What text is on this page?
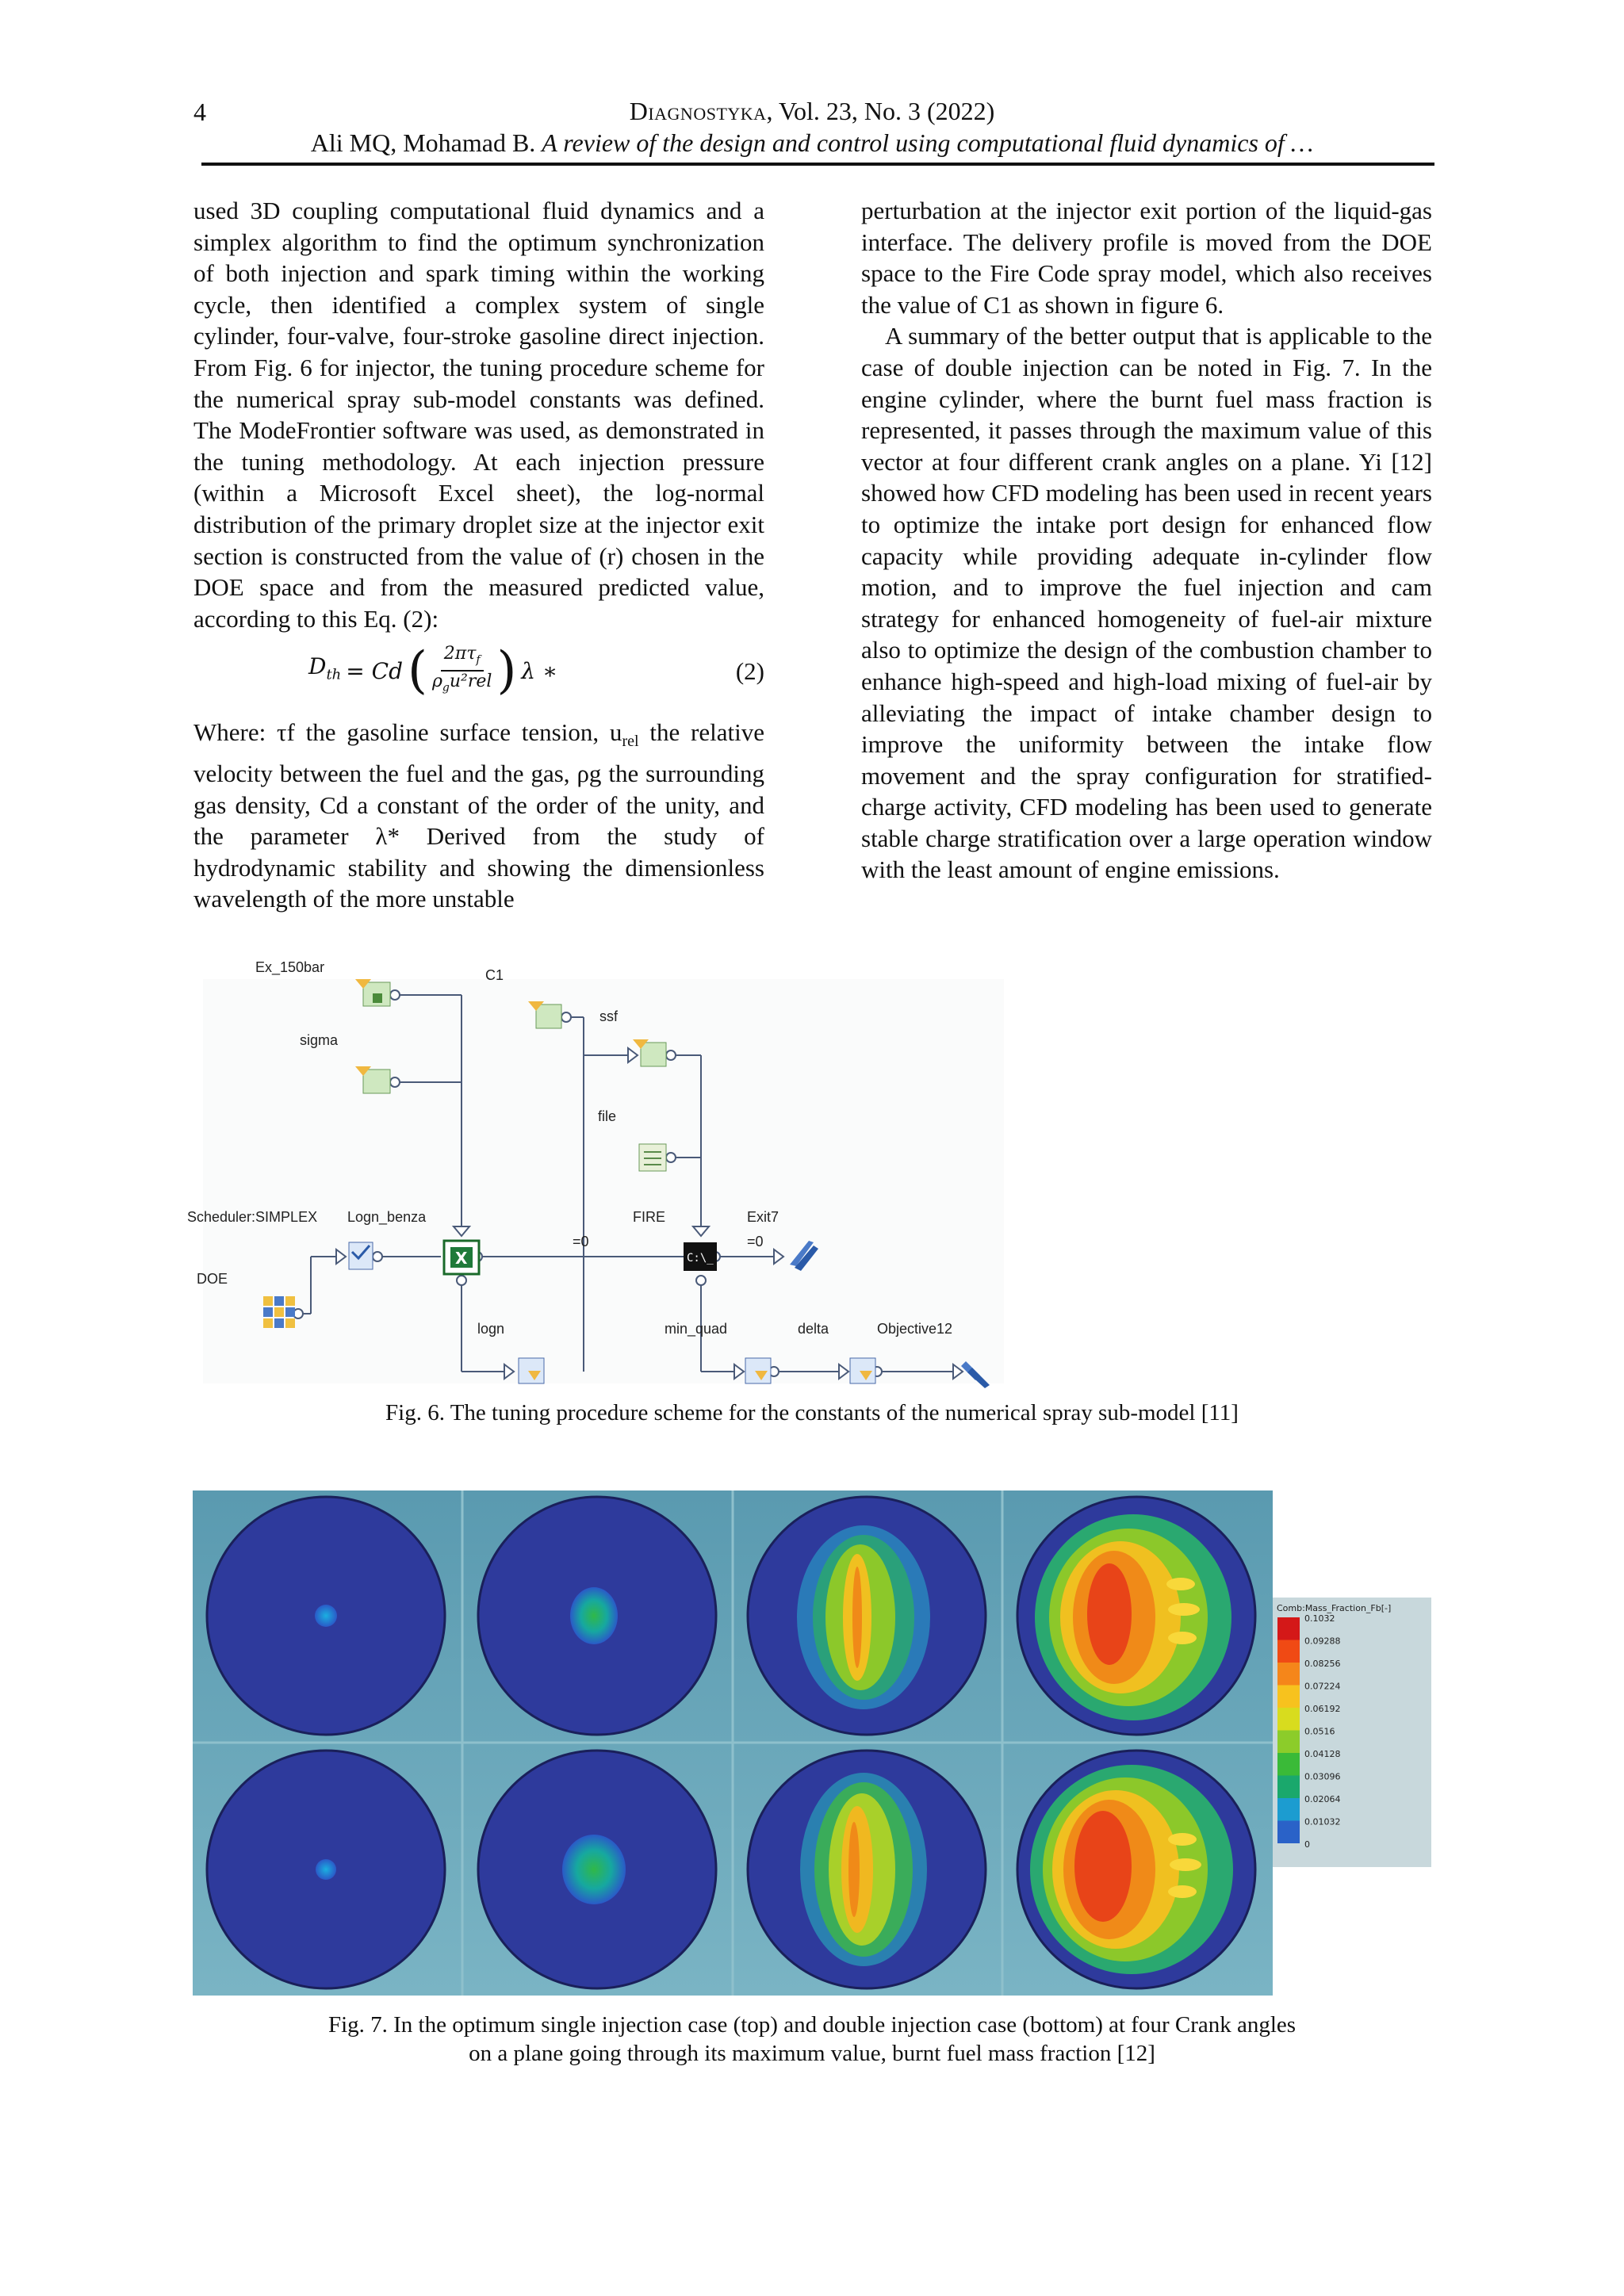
4	Diagnostyka, Vol. 23, No. 3 (2022)
Ali MQ, Mohamad B. A review of the design and control using computational fluid dynamics of …

used 3D coupling computational fluid dynamics and a simplex algorithm to find the optimum synchronization of both injection and spark timing within the working cycle, then identified a complex system of single cylinder, four-valve, four-stroke gasoline direct injection. From Fig. 6 for injector, the tuning procedure scheme for the numerical spray sub-model constants was defined. The ModeFrontier software was used, as demonstrated in the tuning methodology. At each injection pressure (within a Microsoft Excel sheet), the log-normal distribution of the primary droplet size at the injector exit section is constructed from the value of (r) chosen in the DOE space and from the measured predicted value, according to this Eq. (2):

$D_{th} = Cd$ ( $\frac{2\pi\tau_f}{\rho_gu^2rel}$ ) λ ∗	(2)

Where: τf the gasoline surface tension, $u_{rel}$ the relative velocity between the fuel and the gas, ρg the surrounding gas density, Cd a constant of the order of the unity, and the parameter λ* Derived from the study of hydrodynamic stability and showing the dimensionless wavelength of the more unstable

perturbation at the injector exit portion of the liquid-gas interface. The delivery profile is moved from the DOE space to the Fire Code spray model, which also receives the value of C1 as shown in figure 6.

A summary of the better output that is applicable to the case of double injection can be noted in Fig. 7. In the engine cylinder, where the burnt fuel mass fraction is represented, it passes through the maximum value of this vector at four different crank angles on a plane. Yi [12] showed how CFD modeling has been used in recent years to optimize the intake port design for enhanced flow capacity while providing adequate in-cylinder flow motion, and to improve the fuel injection and cam strategy for enhanced homogeneity of fuel-air mixture also to optimize the design of the combustion chamber to enhance high-speed and high-load mixing of fuel-air by alleviating the impact of intake chamber design to improve the uniformity between the intake flow movement and the spray configuration for stratified-charge activity, CFD modeling has been used to generate stable charge stratification over a large operation window with the least amount of engine emissions.

X	C:\_
Ex_150bar	C1
sigma
ssf
file
Scheduler:SIMPLEX Logn_benza	FIRE	Exit7
=0	=0
DOE
logn	min_quad	delta	Objective12
Fig. 6. The tuning procedure scheme for the constants of the numerical spray sub-model [11]
Comb:Mass_Fraction_Fb[-]
0.1032
0.09288
0.08256
0.07224
0.06192
0.0516
0.04128
0.03096
0.02064
0.01032
0
Fig. 7. In the optimum single injection case (top) and double injection case (bottom) at four Crank angles
on a plane going through its maximum value, burnt fuel mass fraction [12]
